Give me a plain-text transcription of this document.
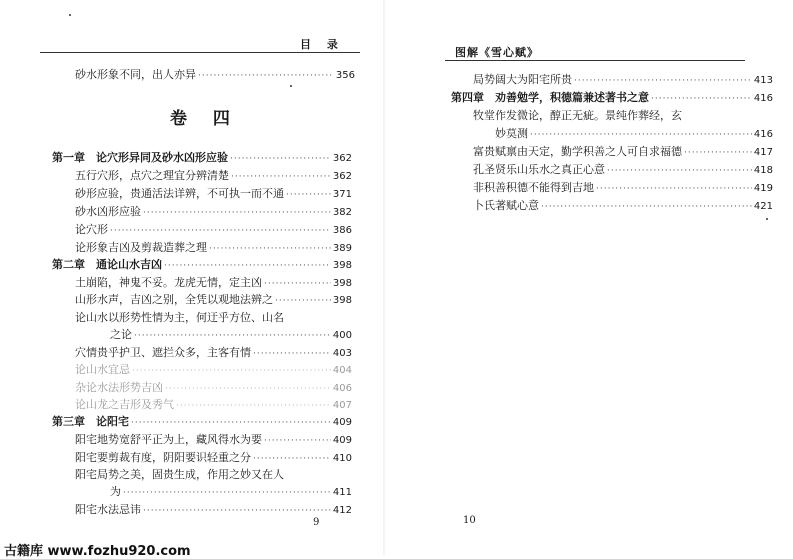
目 录
砂水形象不同，出人亦异 ·····	356
卷 四
第一章　论穴形异同及砂水凶形应验 ·····	362
五行穴形，点穴之理宜分辨清楚 ·····	362
砂形应验，贵通活法详辨，不可执一而不通 ·····	371
砂水凶形应验 ·····	382
论穴形 ·····	386
论形象吉凶及剪裁造葬之理 ·····	389
第二章　通论山水吉凶 ·····	398
土崩陷，神鬼不妥。龙虎无情，定主凶 ·····	398
山形水声，吉凶之别，全凭以观地法辨之 ·····	398
论山水以形势性情为主，何迂乎方位、山名
之论 ·····	400
穴情贵乎护卫、遮拦众多，主客有情 ·····	403
论山水宜忌 ·····	404
杂论水法形势吉凶 ·····	406
论山龙之吉形及秀气 ·····	407
第三章　论阳宅 ·····	409
阳宅地势宽舒平正为上，藏风得水为要 ·····	409
阳宅要剪裁有度，阴阳要识轻重之分 ·····	410
阳宅局势之美，固贵生成，作用之妙又在人
为 ·····	411
阳宅水法忌讳 ·····	412
9
图解《雪心赋》
局势阔大为阳宅所贵 ·····	413
第四章　劝善勉学，积德篇兼述著书之意 ·····	416
牧堂作发微论，醇正无疵。景纯作葬经，玄
妙莫测 ·····	416
富贵赋禀由天定，勤学积善之人可自求福德 ·····	417
孔圣贤乐山乐水之真正心意 ·····	418
非积善积德不能得到吉地 ·····	419
卜氏著赋心意 ·····	421
10
古籍库 www.fozhu920.com
